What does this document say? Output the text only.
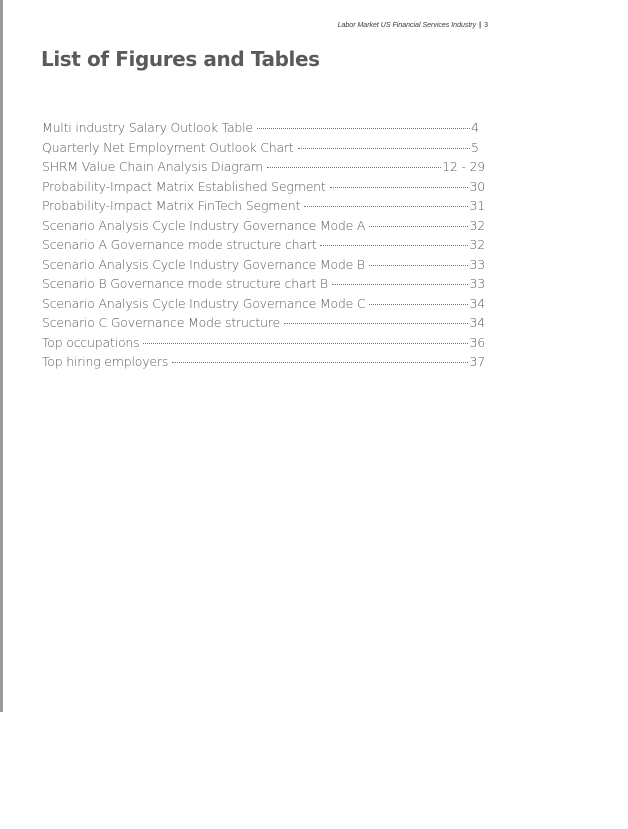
Labor Market US Financial Services Industry | 3
List of Figures and Tables
Multi industry Salary Outlook Table	4
Quarterly Net Employment Outlook Chart	5
SHRM Value Chain Analysis Diagram	12 - 29
Probability-Impact Matrix Established Segment	30
Probability-Impact Matrix FinTech Segment	31
Scenario Analysis Cycle Industry Governance Mode A	32
Scenario A Governance mode structure chart	32
Scenario Analysis Cycle Industry Governance Mode B	33
Scenario B Governance mode structure chart B	33
Scenario Analysis Cycle Industry Governance Mode C	34
Scenario C Governance Mode structure	34
Top occupations	36
Top hiring employers	37
